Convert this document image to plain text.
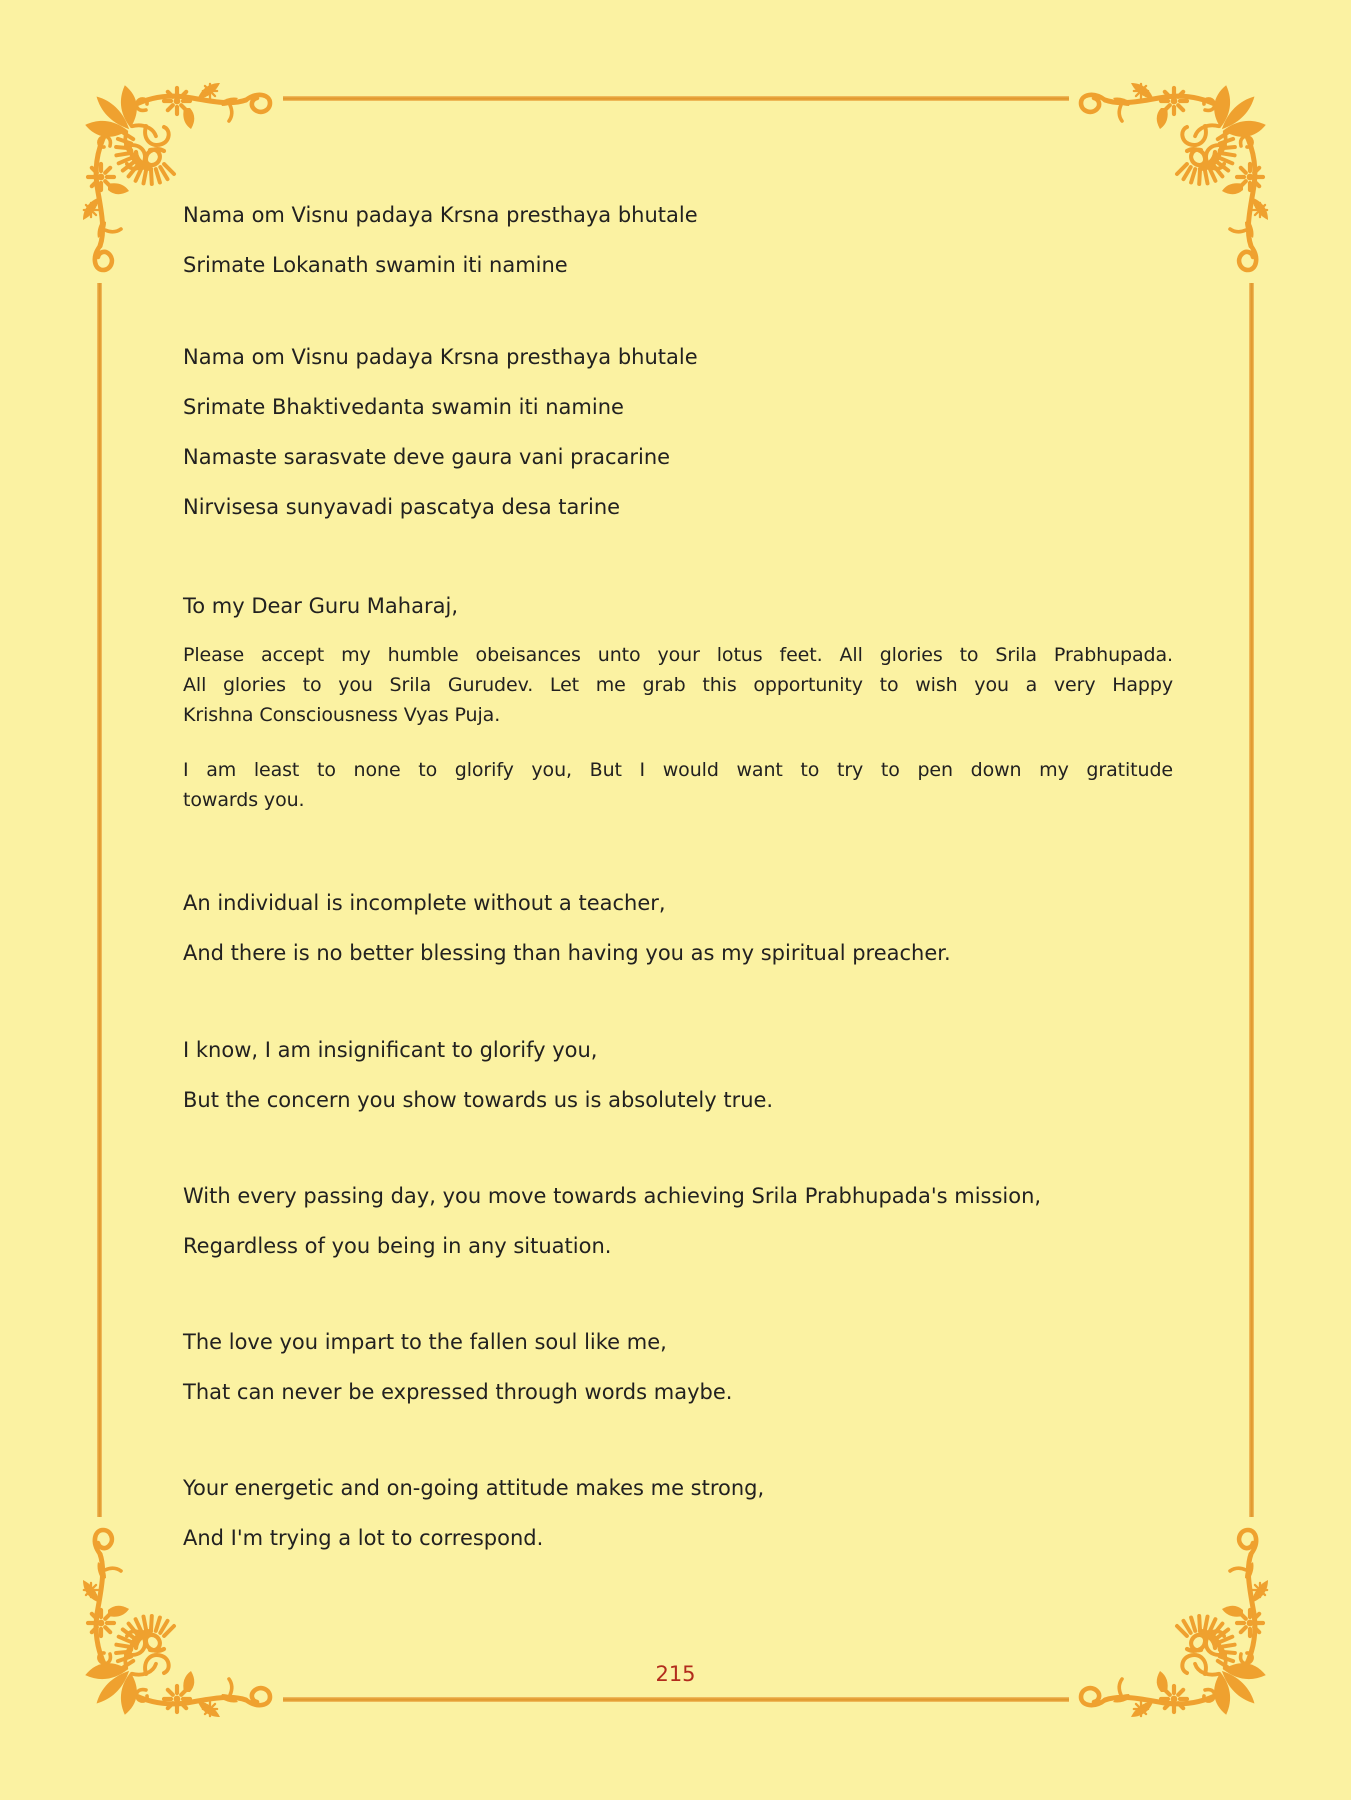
Nama om Visnu padaya Krsna presthaya bhutale

Srimate Lokanath swamin iti namine

Nama om Visnu padaya Krsna presthaya bhutale

Srimate Bhaktivedanta swamin iti namine

Namaste sarasvate deve gaura vani pracarine

Nirvisesa sunyavadi pascatya desa tarine

To my Dear Guru Maharaj,

Please accept my humble obeisances unto your lotus feet. All glories to Srila Prabhupada.

All glories to you Srila Gurudev. Let me grab this opportunity to wish you a very Happy

Krishna Consciousness Vyas Puja.

I am least to none to glorify you, But I would want to try to pen down my gratitude

towards you.

An individual is incomplete without a teacher,

And there is no better blessing than having you as my spiritual preacher.

I know, I am insignificant to glorify you,

But the concern you show towards us is absolutely true.

With every passing day, you move towards achieving Srila Prabhupada's mission,

Regardless of you being in any situation.

The love you impart to the fallen soul like me,

That can never be expressed through words maybe.

Your energetic and on-going attitude makes me strong,

And I'm trying a lot to correspond.

215
